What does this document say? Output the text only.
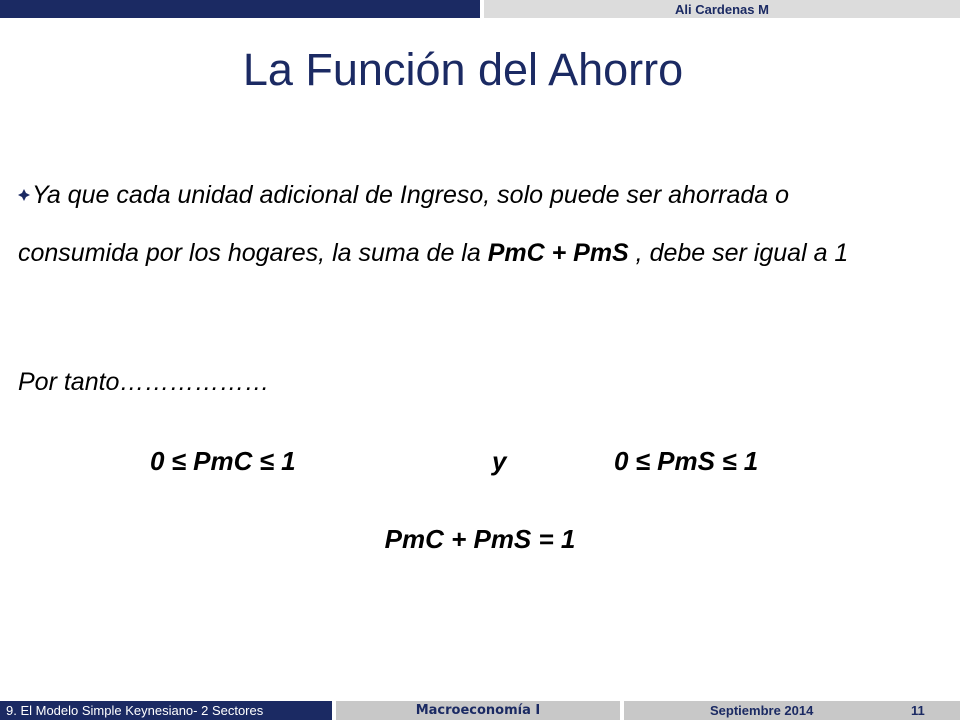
Ali Cardenas M
La Función del Ahorro
Ya que cada unidad adicional de Ingreso, solo puede ser ahorrada o consumida por los hogares, la suma de la PmC + PmS , debe ser igual a 1
Por tanto………………
0 ≤ PmC ≤ 1	y	0 ≤ PmS ≤ 1
PmC + PmS = 1
9. El Modelo Simple Keynesiano- 2 Sectores	Macroeconomía I	Septiembre 2014	11
